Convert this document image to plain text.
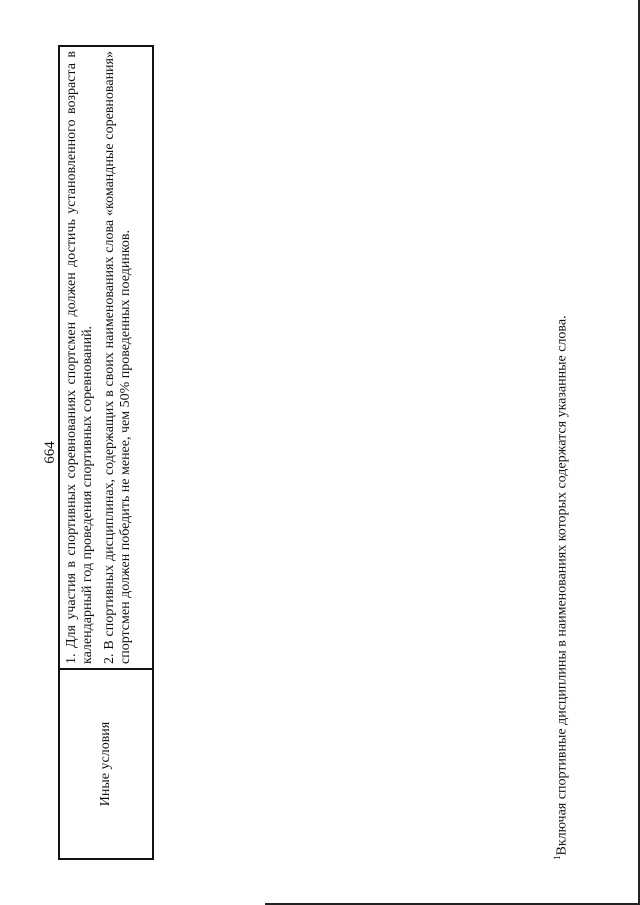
664
Иные условия	

1. Для участия в спортивных соревнованиях спортсмен должен достичь установленного возраста в календарный год проведения спортивных соревнований. 2. В спортивных дисциплинах, содержащих в своих наименованиях слова «командные соревнования» спортсмен должен победить не менее, чем 50% проведенных поединков.

$^1$Включая спортивные дисциплины в наименованиях которых содержатся указанные слова.
